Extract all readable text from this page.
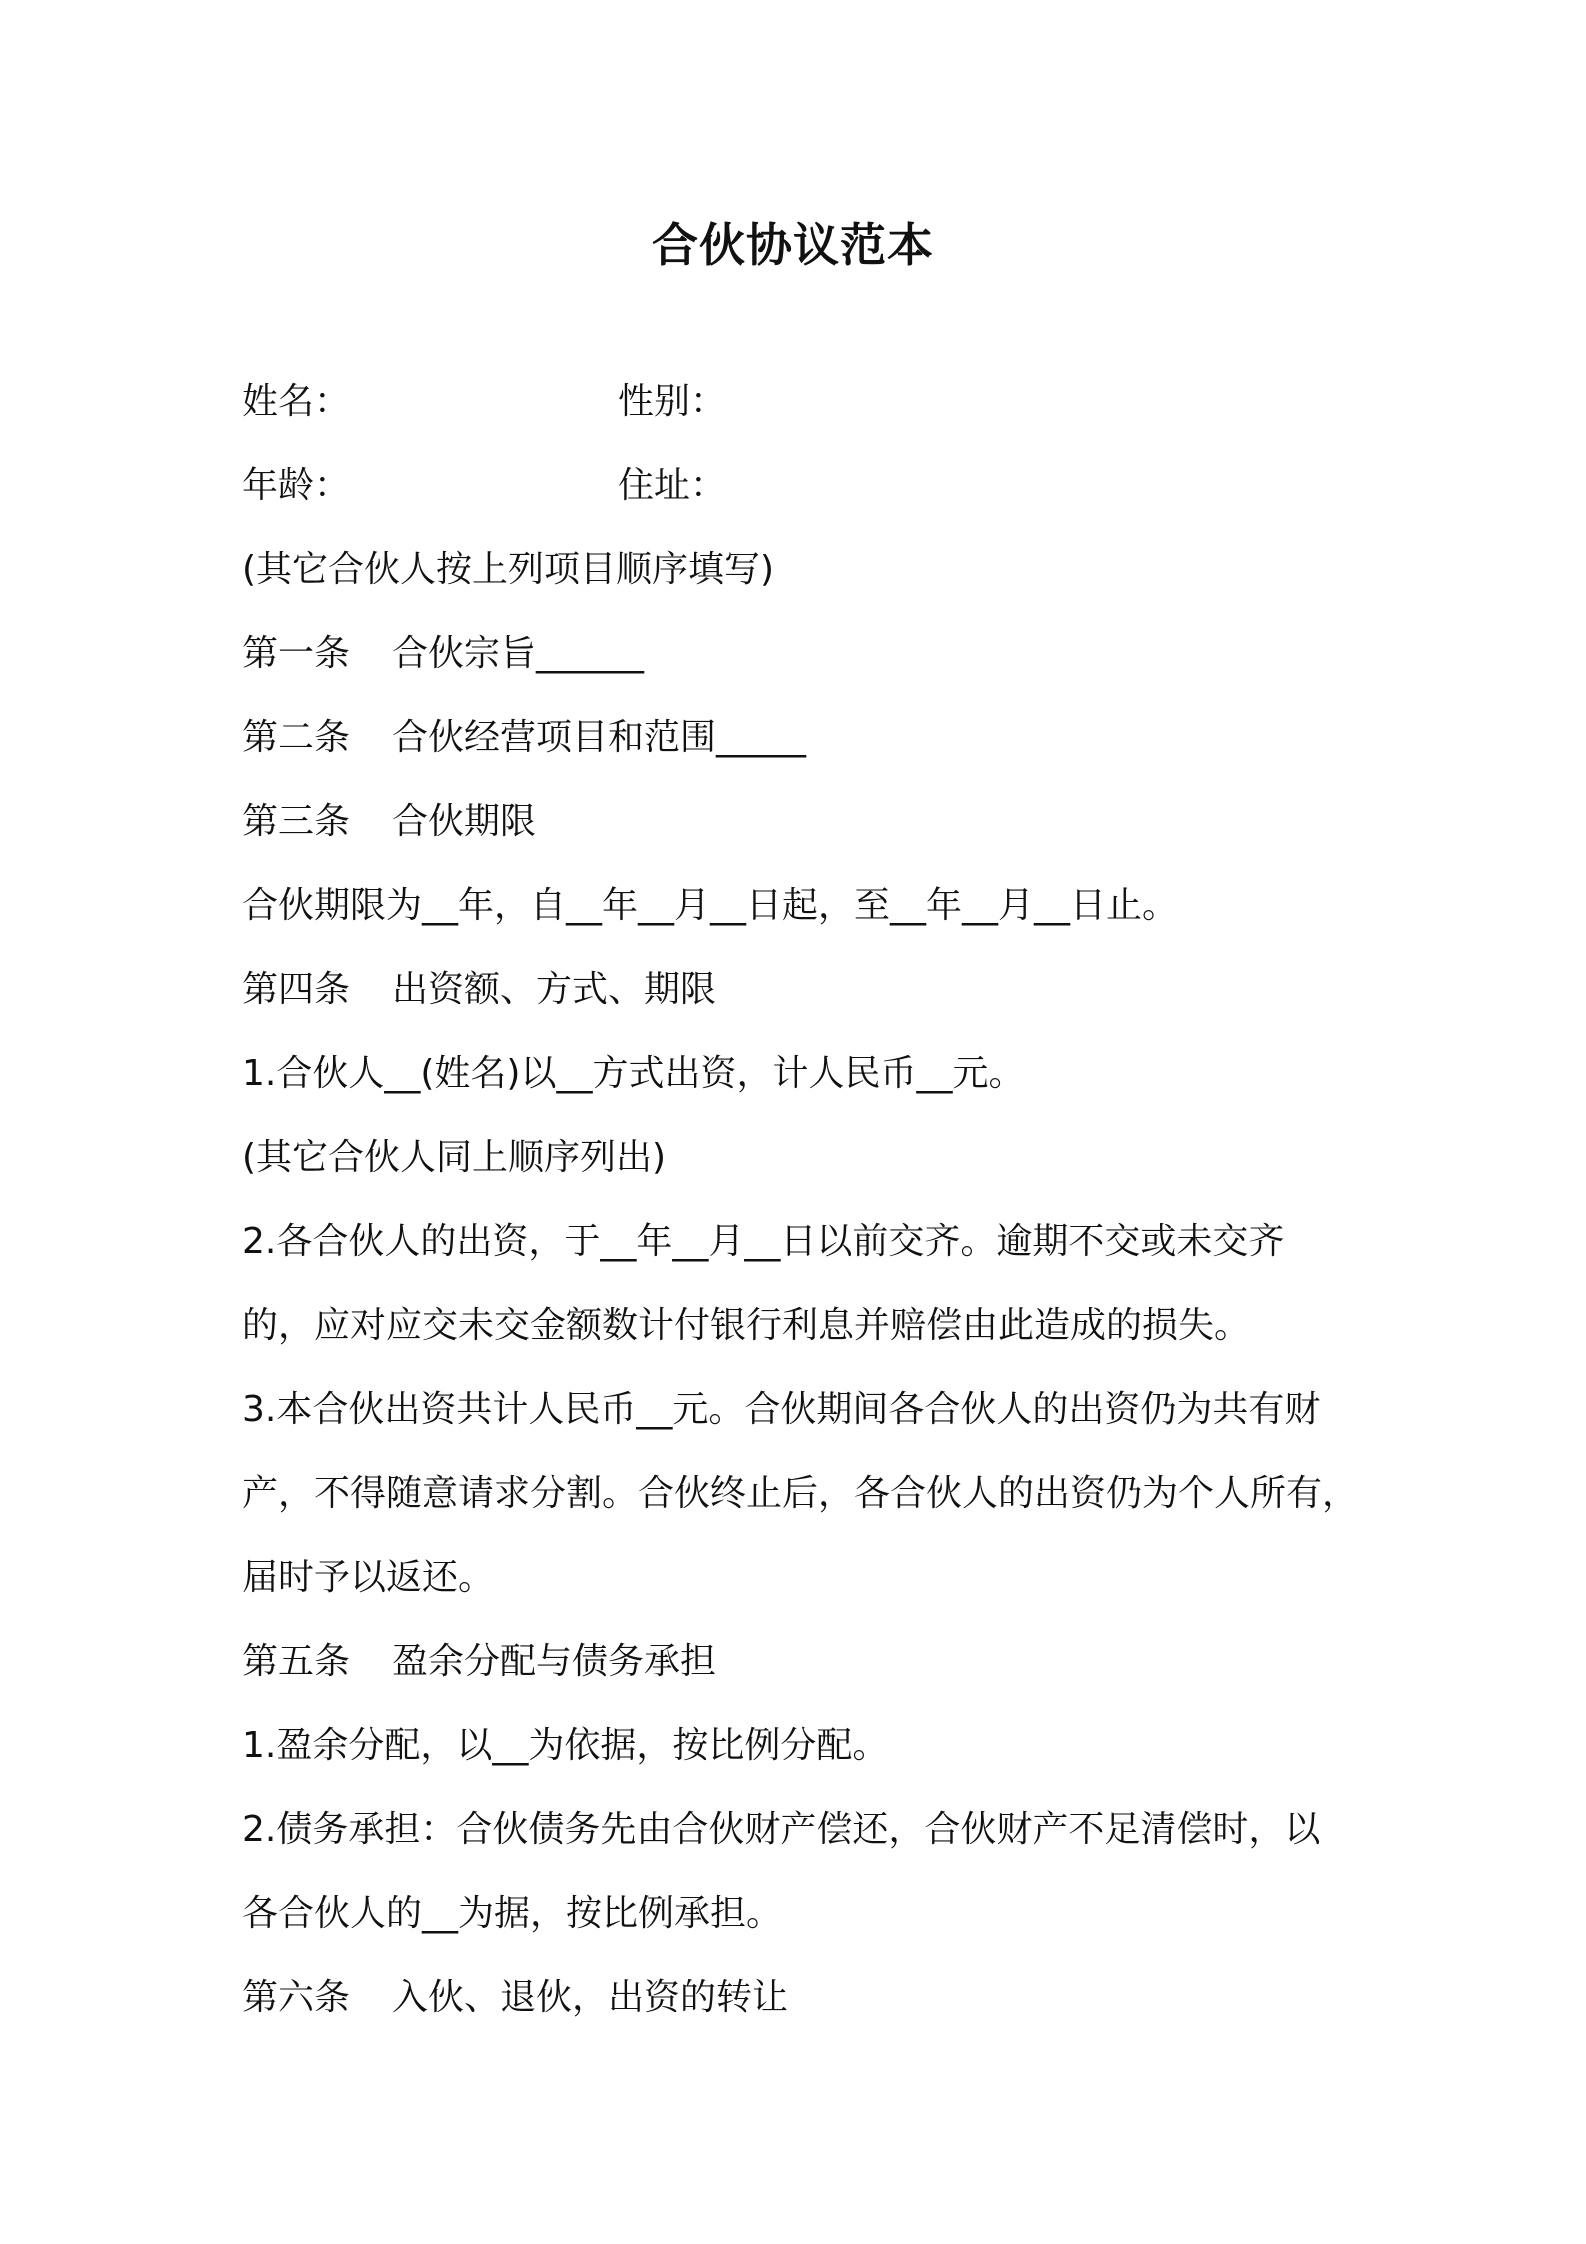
合伙协议范本
姓名：	性别：
年龄：	住址：
(其它合伙人按上列项目顺序填写)
第一条 合伙宗旨______
第二条 合伙经营项目和范围_____
第三条 合伙期限
合伙期限为__年，自__年__月__日起，至__年__月__日止。
第四条 出资额、方式、期限
1.合伙人__(姓名)以__方式出资，计人民币__元。
(其它合伙人同上顺序列出)
2.各合伙人的出资，于__年__月__日以前交齐。逾期不交或未交齐
的，应对应交未交金额数计付银行利息并赔偿由此造成的损失。
3.本合伙出资共计人民币__元。合伙期间各合伙人的出资仍为共有财
产，不得随意请求分割。合伙终止后，各合伙人的出资仍为个人所有，
届时予以返还。
第五条 盈余分配与债务承担
1.盈余分配，以__为依据，按比例分配。
2.债务承担：合伙债务先由合伙财产偿还，合伙财产不足清偿时，以
各合伙人的__为据，按比例承担。
第六条 入伙、退伙，出资的转让
